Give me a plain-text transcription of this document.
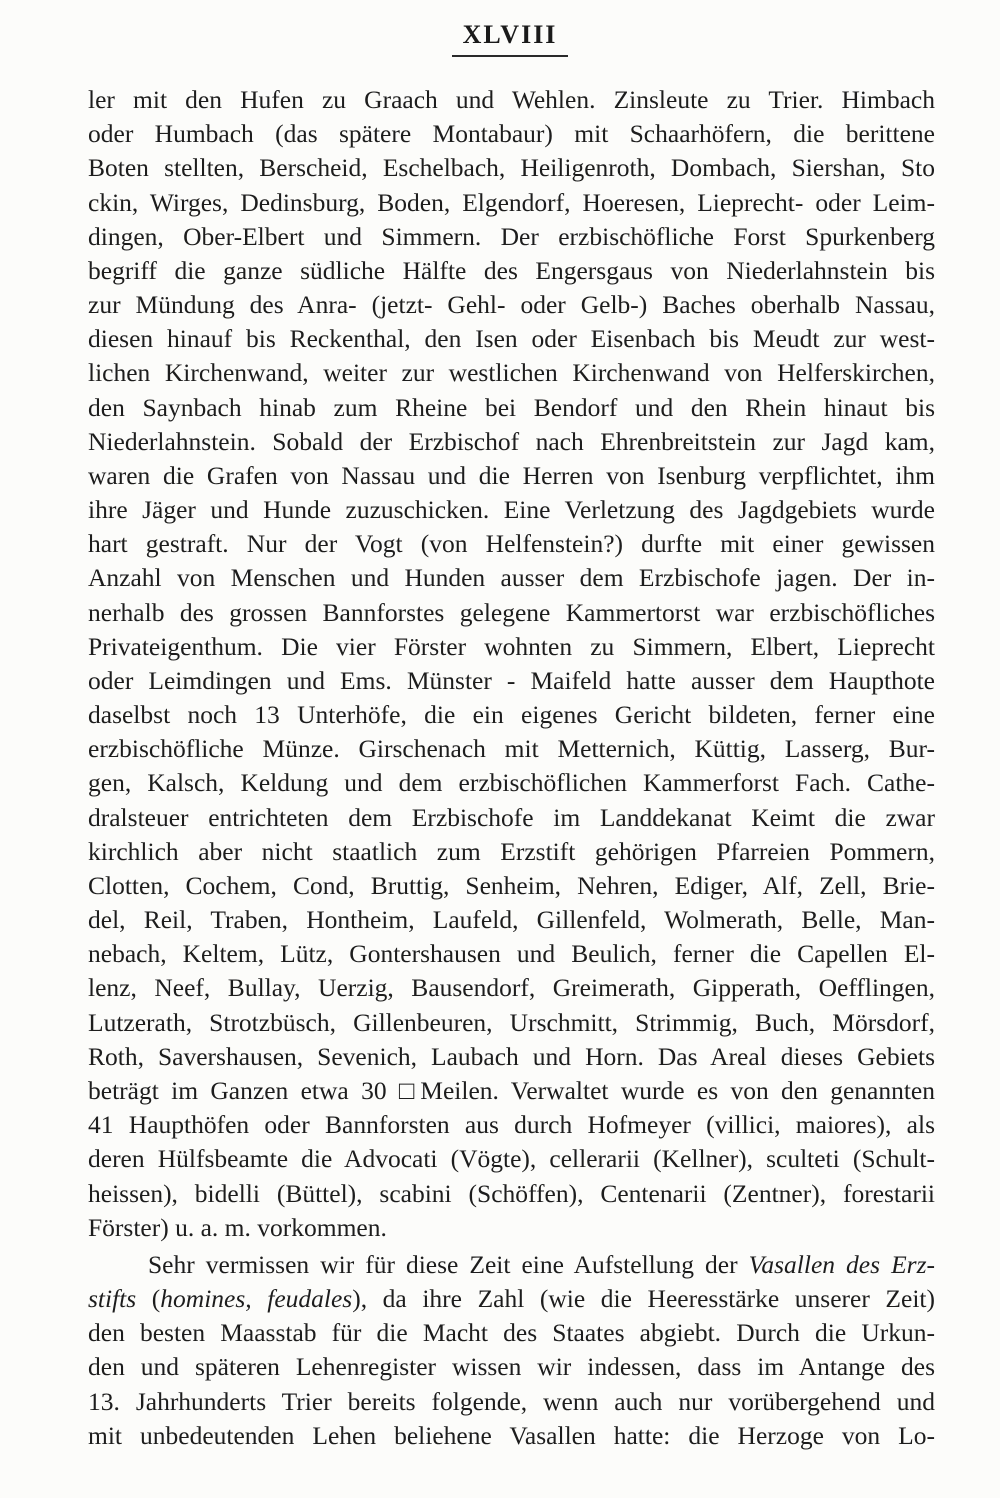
XLVIII
ler mit den Hufen zu Graach und Wehlen. Zinsleute zu Trier. Himbach
oder Humbach (das spätere Montabaur) mit Schaarhöfern, die berittene
Boten stellten, Berscheid, Eschelbach, Heiligenroth, Dombach, Siershan, Sto
ckin, Wirges, Dedinsburg, Boden, Elgendorf, Hoeresen, Lieprecht- oder Leim-
dingen, Ober-Elbert und Simmern. Der erzbischöfliche Forst Spurkenberg
begriff die ganze südliche Hälfte des Engersgaus von Niederlahnstein bis
zur Mündung des Anra- (jetzt- Gehl- oder Gelb-) Baches oberhalb Nassau,
diesen hinauf bis Reckenthal, den Isen oder Eisenbach bis Meudt zur west-
lichen Kirchenwand, weiter zur westlichen Kirchenwand von Helferskirchen,
den Saynbach hinab zum Rheine bei Bendorf und den Rhein hinaut bis
Niederlahnstein. Sobald der Erzbischof nach Ehrenbreitstein zur Jagd kam,
waren die Grafen von Nassau und die Herren von Isenburg verpflichtet, ihm
ihre Jäger und Hunde zuzuschicken. Eine Verletzung des Jagdgebiets wurde
hart gestraft. Nur der Vogt (von Helfenstein?) durfte mit einer gewissen
Anzahl von Menschen und Hunden ausser dem Erzbischofe jagen. Der in-
nerhalb des grossen Bannforstes gelegene Kammertorst war erzbischöfliches
Privateigenthum. Die vier Förster wohnten zu Simmern, Elbert, Lieprecht
oder Leimdingen und Ems. Münster - Maifeld hatte ausser dem Haupthote
daselbst noch 13 Unterhöfe, die ein eigenes Gericht bildeten, ferner eine
erzbischöfliche Münze. Girschenach mit Metternich, Küttig, Lasserg, Bur-
gen, Kalsch, Keldung und dem erzbischöflichen Kammerforst Fach. Cathe-
dralsteuer entrichteten dem Erzbischofe im Landdekanat Keimt die zwar
kirchlich aber nicht staatlich zum Erzstift gehörigen Pfarreien Pommern,
Clotten, Cochem, Cond, Bruttig, Senheim, Nehren, Ediger, Alf, Zell, Brie-
del, Reil, Traben, Hontheim, Laufeld, Gillenfeld, Wolmerath, Belle, Man-
nebach, Keltem, Lütz, Gontershausen und Beulich, ferner die Capellen El-
lenz, Neef, Bullay, Uerzig, Bausendorf, Greimerath, Gipperath, Oefflingen,
Lutzerath, Strotzbüsch, Gillenbeuren, Urschmitt, Strimmig, Buch, Mörsdorf,
Roth, Savershausen, Sevenich, Laubach und Horn. Das Areal dieses Gebiets
beträgt im Ganzen etwa 30 □Meilen. Verwaltet wurde es von den genannten
41 Haupthöfen oder Bannforsten aus durch Hofmeyer (villici, maiores), als
deren Hülfsbeamte die Advocati (Vögte), cellerarii (Kellner), sculteti (Schult-
heissen), bidelli (Büttel), scabini (Schöffen), Centenarii (Zentner), forestarii
Förster) u. a. m. vorkommen.
Sehr vermissen wir für diese Zeit eine Aufstellung der Vasallen des Erz-
stifts (homines, feudales), da ihre Zahl (wie die Heeresstärke unserer Zeit)
den besten Maasstab für die Macht des Staates abgiebt. Durch die Urkun-
den und späteren Lehenregister wissen wir indessen, dass im Antange des
13. Jahrhunderts Trier bereits folgende, wenn auch nur vorübergehend und
mit unbedeutenden Lehen beliehene Vasallen hatte: die Herzoge von Lo-
